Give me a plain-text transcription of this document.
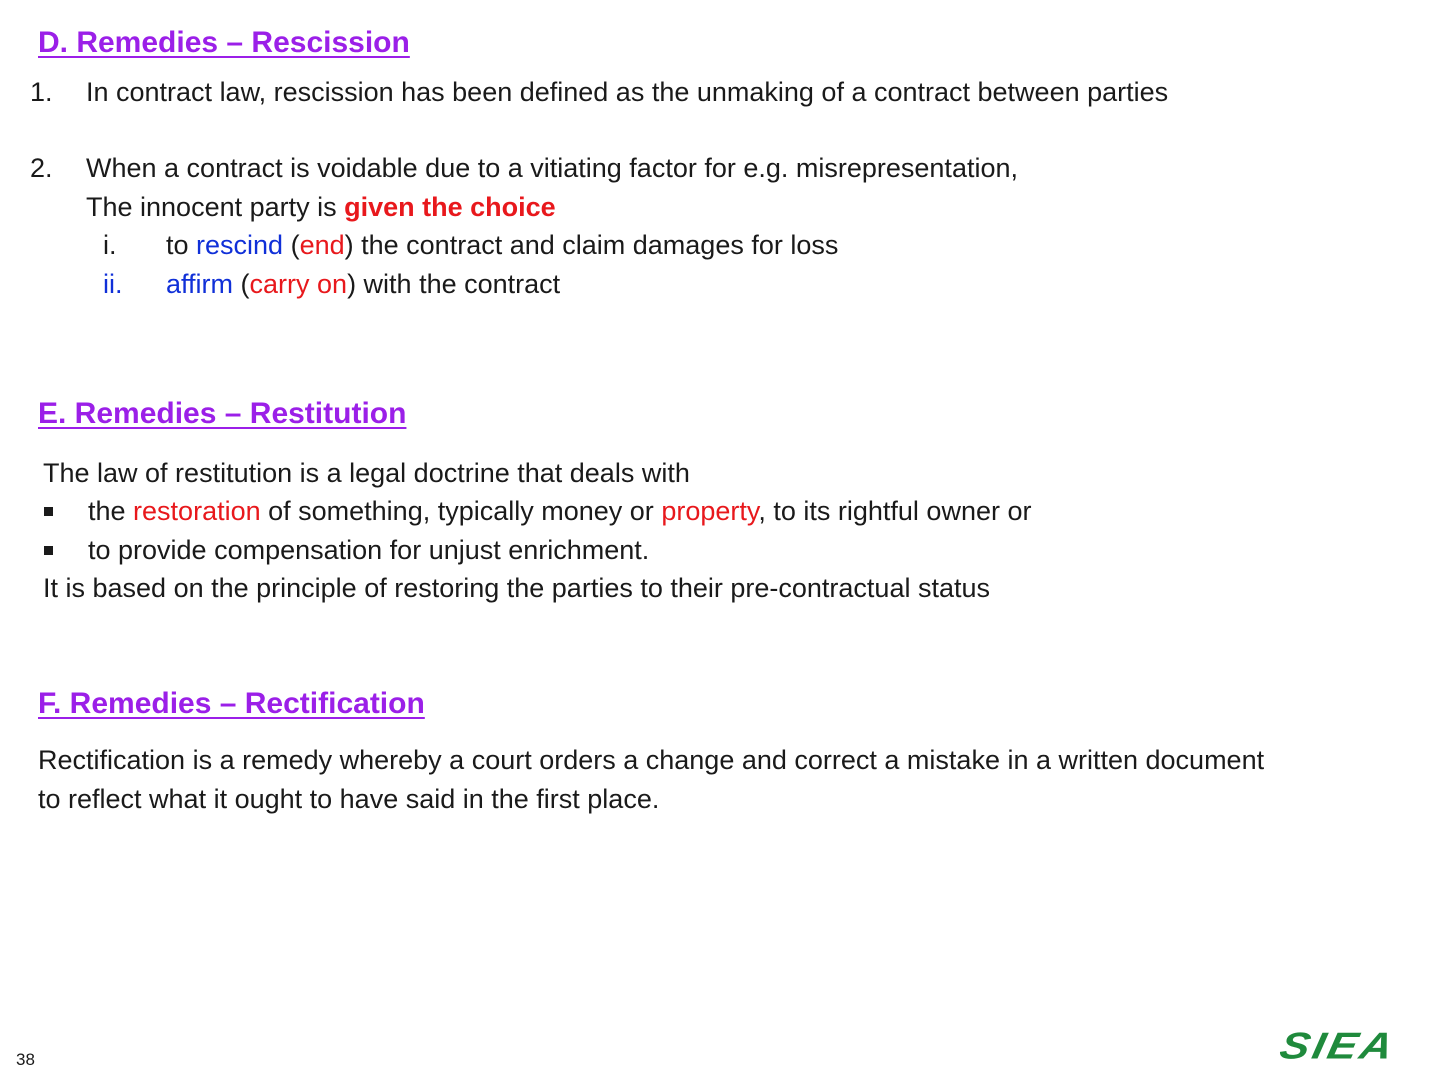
D. Remedies – Rescission
1. In contract law, rescission has been defined as the unmaking of a contract between parties
2. When a contract is voidable due to a vitiating factor for e.g. misrepresentation,
The innocent party is given the choice
i. to rescind (end) the contract and claim damages for loss
ii. affirm (carry on) with the contract
E. Remedies – Restitution
The law of restitution is a legal doctrine that deals with
the restoration of something, typically money or property, to its rightful owner or
to provide compensation for unjust enrichment.
It is based on the principle of restoring the parties to their pre-contractual status
F. Remedies – Rectification
Rectification is a remedy whereby a court orders a change and correct a mistake in a written document
to reflect what it ought to have said in the first place.
38	SIEA
